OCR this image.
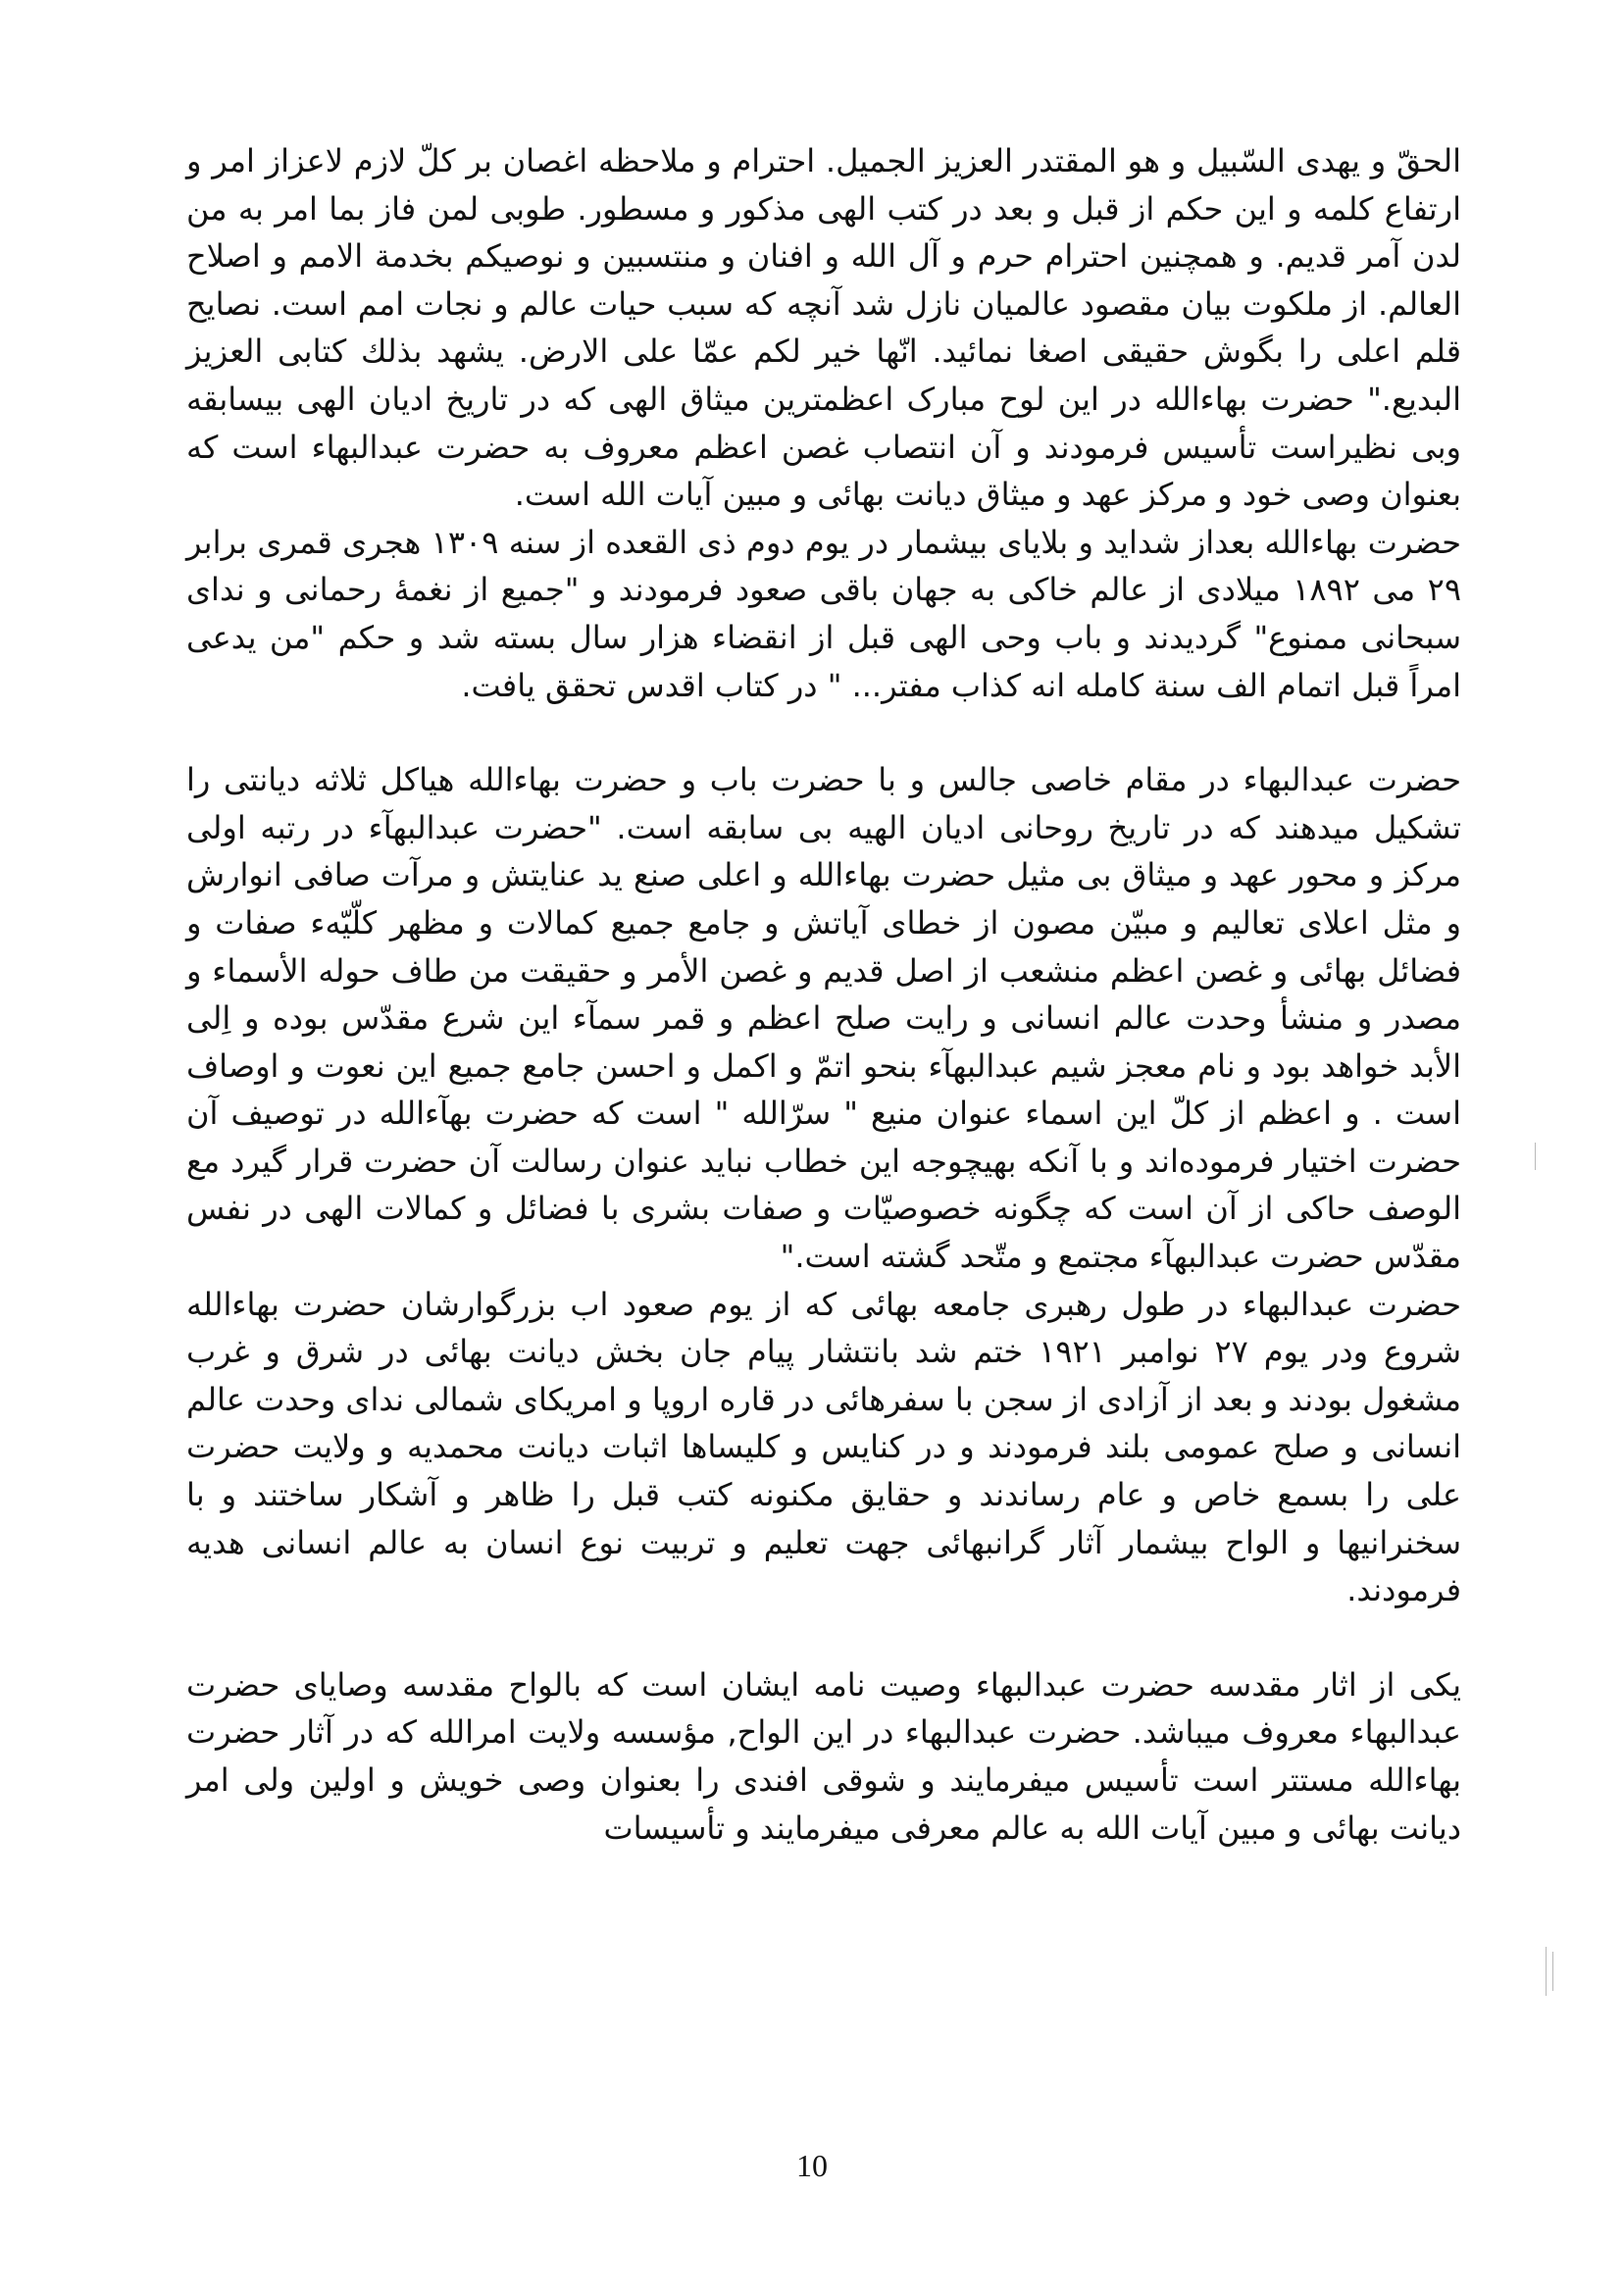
الحقّ و يهدى السّبيل و هو المقتدر العزيز الجميل. احترام و ملاحظه اغصان بر كلّ لازم لاعزاز امر و ارتفاع كلمه و اين حكم از قبل و بعد در كتب الهى مذكور و مسطور. طوبى لمن فاز بما امر به من لدن آمر قديم. و همچنين احترام حرم و آل الله و افنان و منتسبين و نوصيكم بخدمة الامم و اصلاح العالم. از ملكوت بيان مقصود عالميان نازل شد آنچه كه سبب حيات عالم و نجات امم است. نصايح قلم اعلى را بگوش حقيقى اصغا نمائيد. انّها خير لكم عمّا على الارض. يشهد بذلك كتابى العزيز البديع." حضرت بهاءالله در اين لوح مبارک اعظمترين ميثاق الهى كه در تاريخ اديان الهى بيسابقه وبى نظيراست تأسيس فرمودند و آن انتصاب غصن اعظم معروف به حضرت عبدالبهاء است كه بعنوان وصى خود و مركز عهد و ميثاق ديانت بهائى و مبين آيات الله است.

حضرت بهاءالله بعداز شدايد و بلاياى بيشمار در يوم دوم ذى القعده از سنه ۱۳۰۹ هجرى قمرى برابر ۲۹ مى ۱۸۹۲ ميلادى از عالم خاكى به جهان باقى صعود فرمودند و "جميع از نغمهٔ رحمانى و نداى سبحانى ممنوع" گرديدند و باب وحى الهى قبل از انقضاء هزار سال بسته شد و حكم "من يدعى امراً قبل اتمام الف سنة كامله انه كذاب مفتر... " در كتاب اقدس تحقق يافت.

حضرت عبدالبهاء در مقام خاصى جالس و با حضرت باب و حضرت بهاءالله هياكل ثلاثه ديانتى را تشكيل ميدهند كه در تاريخ روحانى اديان الهيه بى سابقه است. "حضرت عبدالبهآء در رتبه اولى مركز و محور عهد و ميثاق بى مثيل حضرت بهاءالله و اعلى صنع يد عنايتش و مرآت صافى انوارش و مثل اعلاى تعاليم و مبيّن مصون از خطاى آياتش و جامع جميع كمالات و مظهر كلّيّهء صفات و فضائل بهائى و غصن اعظم منشعب از اصل قديم و غصن الأمر و حقيقت من طاف حوله الأسماء و مصدر و منشأ وحدت عالم انسانى و رايت صلح اعظم و قمر سمآء اين شرع مقدّس بوده و اِلى الأبد خواهد بود و نام معجز شيم عبدالبهآء بنحو اتمّ و اكمل و احسن جامع جميع اين نعوت و اوصاف است . و اعظم از كلّ اين اسماء عنوان منيع " سرّالله " است كه حضرت بهآءالله در توصيف آن حضرت اختيار فرموده‌اند و با آنكه بهيچوجه اين خطاب نبايد عنوان رسالت آن حضرت قرار گيرد مع الوصف حاكى از آن است كه چگونه خصوصيّات و صفات بشرى با فضائل و كمالات الهى در نفس مقدّس حضرت عبدالبهآء مجتمع و متّحد گشته است."

حضرت عبدالبهاء در طول رهبرى جامعه بهائى كه از يوم صعود اب بزرگوارشان حضرت بهاءالله شروع ودر يوم ۲۷ نوامبر ۱۹۲۱ ختم شد بانتشار پيام جان بخش ديانت بهائى در شرق و غرب مشغول بودند و بعد از آزادى از سجن با سفرهائى در قاره اروپا و امريكاى شمالى نداى وحدت عالم انسانى و صلح عمومى بلند فرمودند و در كنايس و كليساها اثبات ديانت محمديه و ولايت حضرت على را بسمع خاص و عام رساندند و حقايق مكنونه كتب قبل را ظاهر و آشكار ساختند و با سخنرانيها و الواح بيشمار آثار گرانبهائى جهت تعليم و تربيت نوع انسان به عالم انسانى هديه فرمودند.

يكى از اثار مقدسه حضرت عبدالبهاء وصيت نامه ايشان است كه بالواح مقدسه وصاياى حضرت عبدالبهاء معروف ميباشد. حضرت عبدالبهاء در اين الواح, مؤسسه ولايت امرالله كه در آثار حضرت بهاءالله مستتر است تأسيس ميفرمايند و شوقى افندى را بعنوان وصى خويش و اولين ولى امر ديانت بهائى و مبين آيات الله به عالم معرفى ميفرمايند و تأسيسات

10
